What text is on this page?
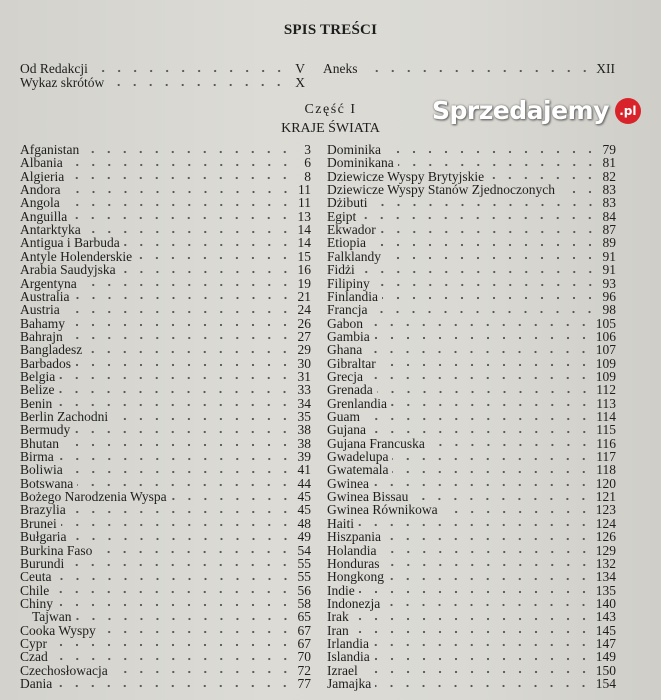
SPIS TREŚCI
Od Redakcji	V
Wykaz skrótów	X
Aneks	XII
Część I
KRAJE ŚWIATA
Afganistan	3
Albania	6
Algieria	8
Andora	11
Angola	11
Anguilla	13
Antarktyka	14
Antigua i Barbuda	14
Antyle Holenderskie	15
Arabia Saudyjska	16
Argentyna	19
Australia	21
Austria	24
Bahamy	26
Bahrajn	27
Bangladesz	29
Barbados	30
Belgia	31
Belize	33
Benin	34
Berlin Zachodni	35
Bermudy	38
Bhutan	38
Birma	39
Boliwia	41
Botswana	44
Bożego Narodzenia Wyspa	45
Brazylia	45
Brunei	48
Bułgaria	49
Burkina Faso	54
Burundi	55
Ceuta	55
Chile	56
Chiny	58
Tajwan	65
Cooka Wyspy	67
Cypr	67
Czad	70
Czechosłowacja	72
Dania	77
Dominika	79
Dominikana	81
Dziewicze Wyspy Brytyjskie	82
Dziewicze Wyspy Stanów Zjednoczonych	83
Dżibuti	83
Egipt	84
Ekwador	87
Etiopia	89
Falklandy	91
Fidżi	91
Filipiny	93
Finlandia	96
Francja	98
Gabon	105
Gambia	106
Ghana	107
Gibraltar	109
Grecja	109
Grenada	112
Grenlandia	113
Guam	114
Gujana	115
Gujana Francuska	116
Gwadelupa	117
Gwatemala	118
Gwinea	120
Gwinea Bissau	121
Gwinea Równikowa	123
Haiti	124
Hiszpania	126
Holandia	129
Honduras	132
Hongkong	134
Indie	135
Indonezja	140
Irak	143
Iran	145
Irlandia	147
Islandia	149
Izrael	150
Jamajka	154
Sprzedajemy .pl
